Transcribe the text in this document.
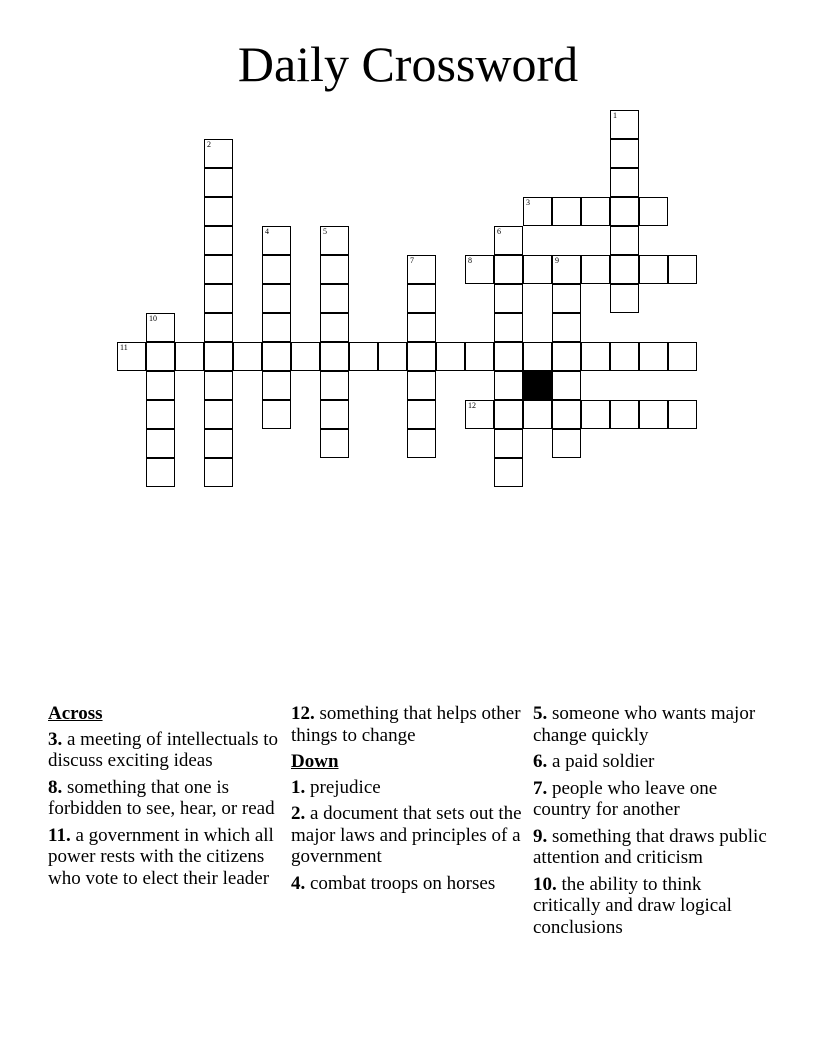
Daily Crossword
1
2
3
4	5	6
7	8	9
10
11
12
Across
3. a meeting of intellectuals to discuss exciting ideas
8. something that one is forbidden to see, hear, or read
11. a government in which all power rests with the citizens who vote to elect their leader
12. something that helps other things to change
Down
1. prejudice
2. a document that sets out the major laws and principles of a government
4. combat troops on horses
5. someone who wants major change quickly
6. a paid soldier
7. people who leave one country for another
9. something that draws public attention and criticism
10. the ability to think critically and draw logical conclusions
